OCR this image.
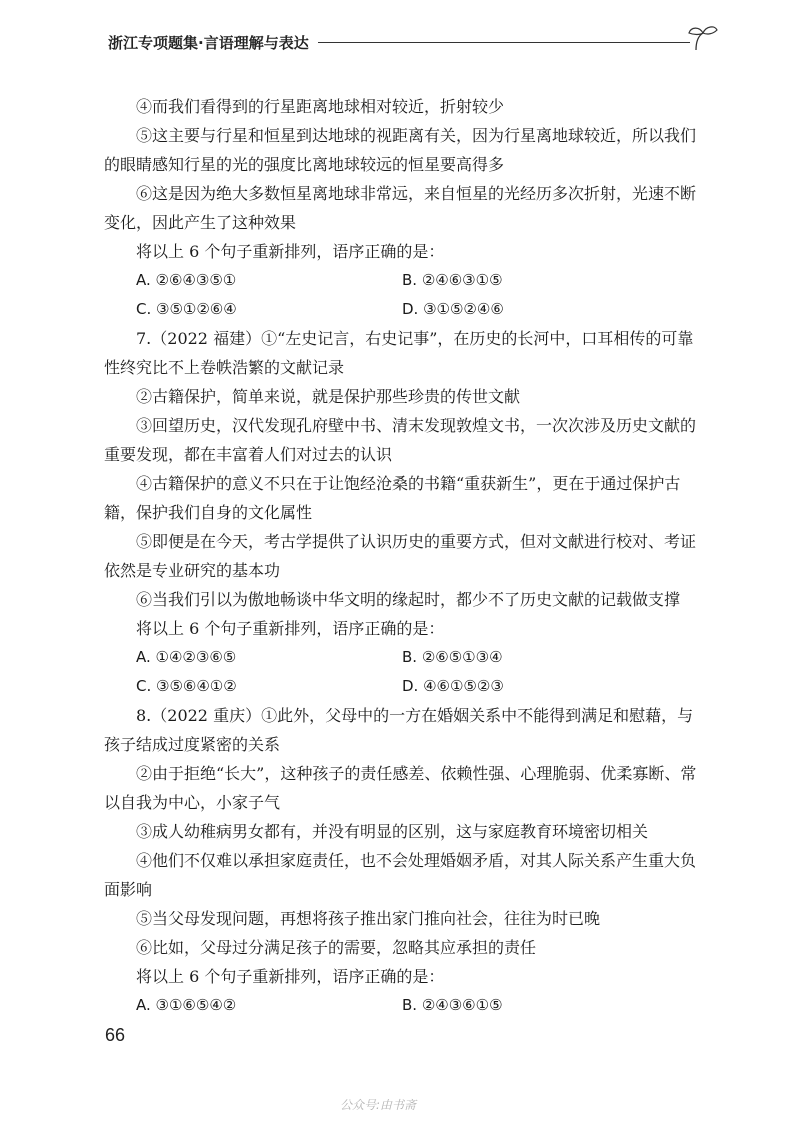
浙江专项题集·言语理解与表达

④而我们看得到的行星距离地球相对较近，折射较少

⑤这主要与行星和恒星到达地球的视距离有关，因为行星离地球较近，所以我们的眼睛感知行星的光的强度比离地球较远的恒星要高得多

⑥这是因为绝大多数恒星离地球非常远，来自恒星的光经历多次折射，光速不断变化，因此产生了这种效果

将以上 6 个句子重新排列，语序正确的是：

A. ②⑥④③⑤①	B. ②④⑥③①⑤
C. ③⑤①②⑥④	D. ③①⑤②④⑥

7.（2022 福建）①“左史记言，右史记事”，在历史的长河中，口耳相传的可靠性终究比不上卷帙浩繁的文献记录

②古籍保护，简单来说，就是保护那些珍贵的传世文献

③回望历史，汉代发现孔府壁中书、清末发现敦煌文书，一次次涉及历史文献的重要发现，都在丰富着人们对过去的认识

④古籍保护的意义不只在于让饱经沧桑的书籍“重获新生”，更在于通过保护古籍，保护我们自身的文化属性

⑤即便是在今天，考古学提供了认识历史的重要方式，但对文献进行校对、考证依然是专业研究的基本功

⑥当我们引以为傲地畅谈中华文明的缘起时，都少不了历史文献的记载做支撑

将以上 6 个句子重新排列，语序正确的是：

A. ①④②③⑥⑤	B. ②⑥⑤①③④
C. ③⑤⑥④①②	D. ④⑥①⑤②③

8.（2022 重庆）①此外，父母中的一方在婚姻关系中不能得到满足和慰藉，与孩子结成过度紧密的关系

②由于拒绝“长大”，这种孩子的责任感差、依赖性强、心理脆弱、优柔寡断、常以自我为中心，小家子气

③成人幼稚病男女都有，并没有明显的区别，这与家庭教育环境密切相关

④他们不仅难以承担家庭责任，也不会处理婚姻矛盾，对其人际关系产生重大负面影响

⑤当父母发现问题，再想将孩子推出家门推向社会，往往为时已晚

⑥比如，父母过分满足孩子的需要，忽略其应承担的责任

将以上 6 个句子重新排列，语序正确的是：

A. ③①⑥⑤④②	B. ②④③⑥①⑤
66
公众号:由书斋
